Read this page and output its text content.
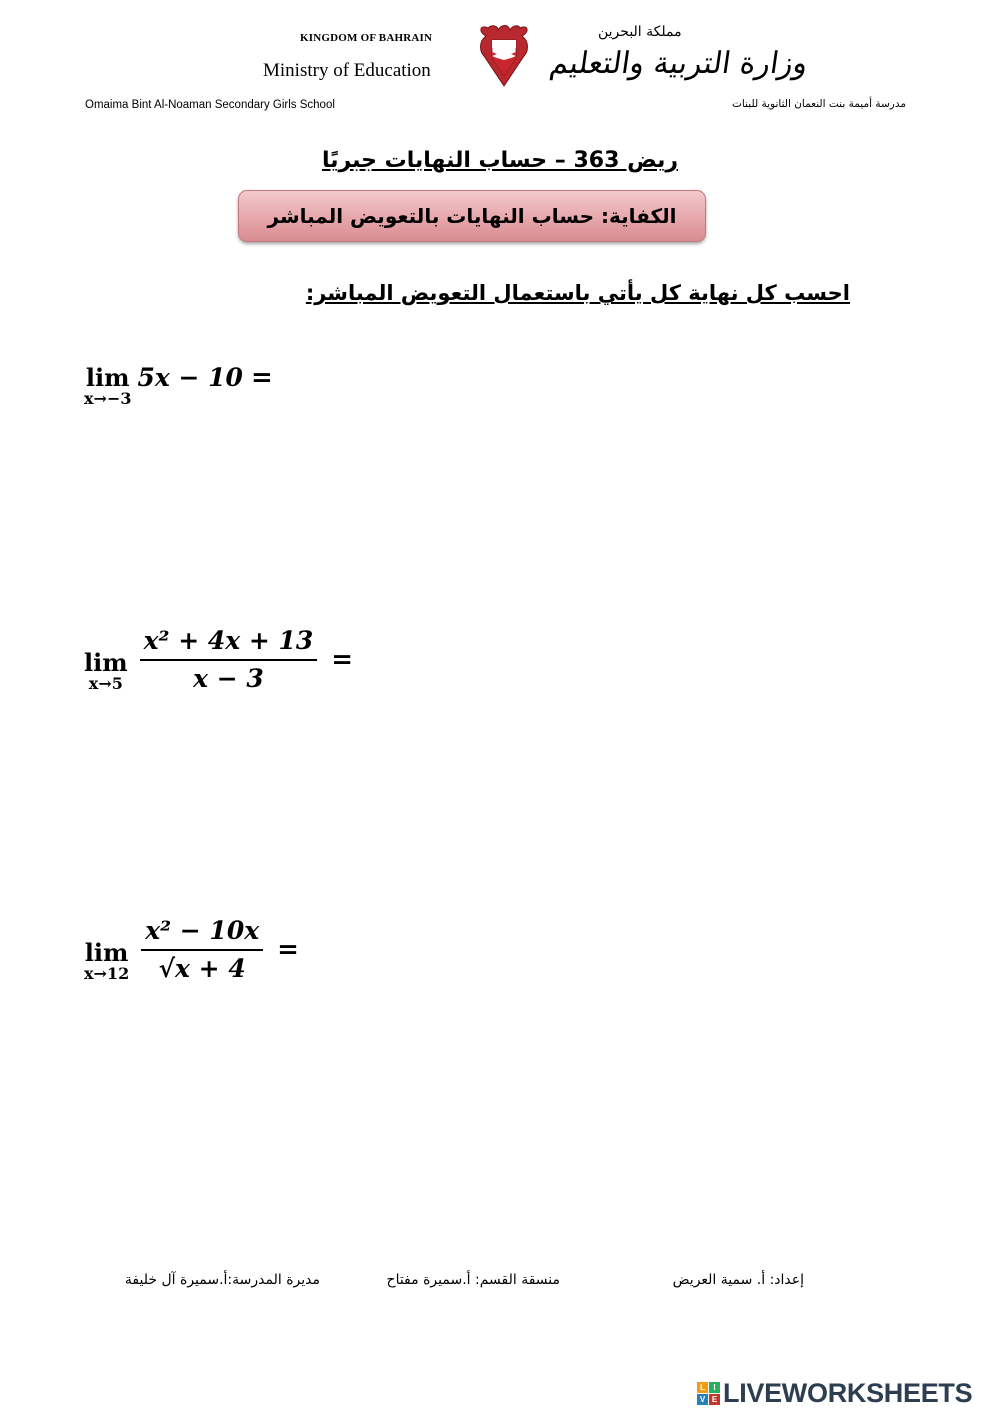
KINGDOM OF BAHRAIN
Ministry of Education
مملكة البحرين
وزارة التربية والتعليم
Omaima Bint Al-Noaman Secondary Girls School	مدرسة أميمة بنت النعمان الثانوية للبنات
ريض 363 – حساب النهايات جبريًا
الكفاية: حساب النهايات بالتعويض المباشر
احسب كل نهاية كل يأتي باستعمال التعويض المباشر:
lim
x→−3
5x − 10 =
lim
$x\to 5 \frac{\text{x² + 4x + 13}}{x - 3}$ =
lim
$x\to 12 \frac{\text{x² − 10x}}{√x + 4}$ =
إعداد: أ. سمية العريض
منسقة القسم: أ.سميرة مفتاح
مديرة المدرسة:أ.سميرة آل خليفة
L	I
V E LIVEWORKSHEETS
